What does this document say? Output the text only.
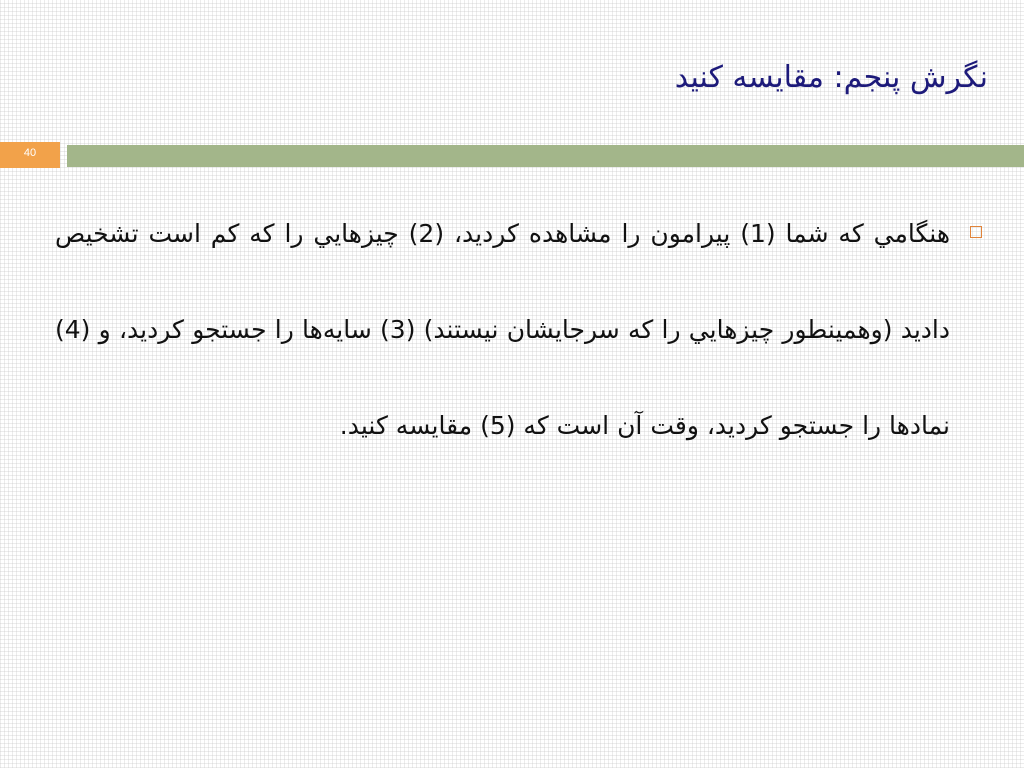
نگرش پنجم: مقایسه کنید
40

هنگامي که شما (1) پيرامون را مشاهده کرديد، (2) چيزهايي را که کم است تشخيص داديد (وهمينطور چيزهايي را که سرجايشان نيستند) (3) سايه‌ها را جستجو کرديد، و (4) نمادها را جستجو کرديد، وقت آن است که (5) مقایسه کنید.
